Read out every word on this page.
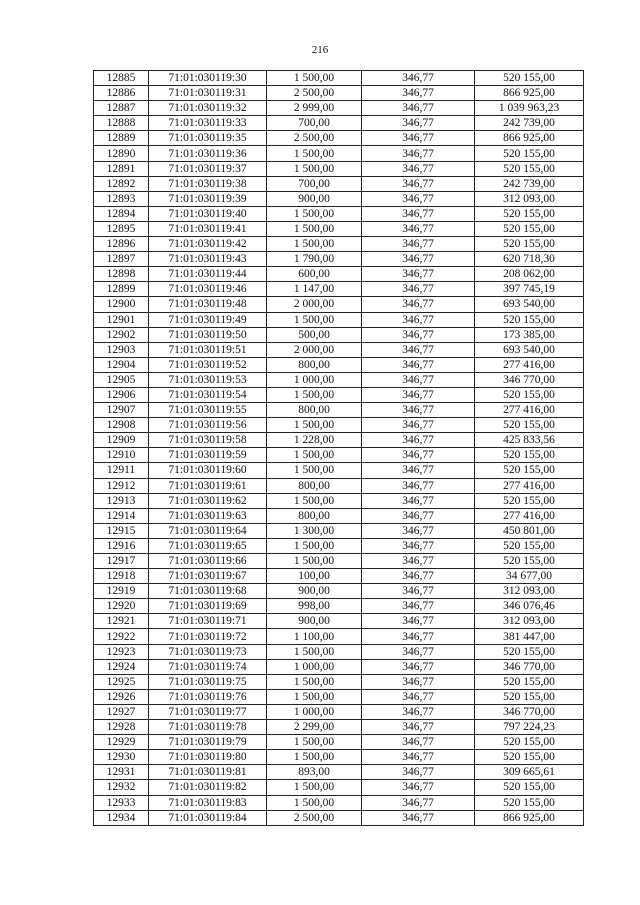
216
12885	71:01:030119:30	1 500,00	346,77	520 155,00
12886	71:01:030119:31	2 500,00	346,77	866 925,00
12887	71:01:030119:32	2 999,00	346,77	1 039 963,23
12888	71:01:030119:33	700,00	346,77	242 739,00
12889	71:01:030119:35	2 500,00	346,77	866 925,00
12890	71:01:030119:36	1 500,00	346,77	520 155,00
12891	71:01:030119:37	1 500,00	346,77	520 155,00
12892	71:01:030119:38	700,00	346,77	242 739,00
12893	71:01:030119:39	900,00	346,77	312 093,00
12894	71:01:030119:40	1 500,00	346,77	520 155,00
12895	71:01:030119:41	1 500,00	346,77	520 155,00
12896	71:01:030119:42	1 500,00	346,77	520 155,00
12897	71:01:030119:43	1 790,00	346,77	620 718,30
12898	71:01:030119:44	600,00	346,77	208 062,00
12899	71:01:030119:46	1 147,00	346,77	397 745,19
12900	71:01:030119:48	2 000,00	346,77	693 540,00
12901	71:01:030119:49	1 500,00	346,77	520 155,00
12902	71:01:030119:50	500,00	346,77	173 385,00
12903	71:01:030119:51	2 000,00	346,77	693 540,00
12904	71:01:030119:52	800,00	346,77	277 416,00
12905	71:01:030119:53	1 000,00	346,77	346 770,00
12906	71:01:030119:54	1 500,00	346,77	520 155,00
12907	71:01:030119:55	800,00	346,77	277 416,00
12908	71:01:030119:56	1 500,00	346,77	520 155,00
12909	71:01:030119:58	1 228,00	346,77	425 833,56
12910	71:01:030119:59	1 500,00	346,77	520 155,00
12911	71:01:030119:60	1 500,00	346,77	520 155,00
12912	71:01:030119:61	800,00	346,77	277 416,00
12913	71:01:030119:62	1 500,00	346,77	520 155,00
12914	71:01:030119:63	800,00	346,77	277 416,00
12915	71:01:030119:64	1 300,00	346,77	450 801,00
12916	71:01:030119:65	1 500,00	346,77	520 155,00
12917	71:01:030119:66	1 500,00	346,77	520 155,00
12918	71:01:030119:67	100,00	346,77	34 677,00
12919	71:01:030119:68	900,00	346,77	312 093,00
12920	71:01:030119:69	998,00	346,77	346 076,46
12921	71:01:030119:71	900,00	346,77	312 093,00
12922	71:01:030119:72	1 100,00	346,77	381 447,00
12923	71:01:030119:73	1 500,00	346,77	520 155,00
12924	71:01:030119:74	1 000,00	346,77	346 770,00
12925	71:01:030119:75	1 500,00	346,77	520 155,00
12926	71:01:030119:76	1 500,00	346,77	520 155,00
12927	71:01:030119:77	1 000,00	346,77	346 770,00
12928	71:01:030119:78	2 299,00	346,77	797 224,23
12929	71:01:030119:79	1 500,00	346,77	520 155,00
12930	71:01:030119:80	1 500,00	346,77	520 155,00
12931	71:01:030119:81	893,00	346,77	309 665,61
12932	71:01:030119:82	1 500,00	346,77	520 155,00
12933	71:01:030119:83	1 500,00	346,77	520 155,00
12934	71:01:030119:84	2 500,00	346,77	866 925,00
